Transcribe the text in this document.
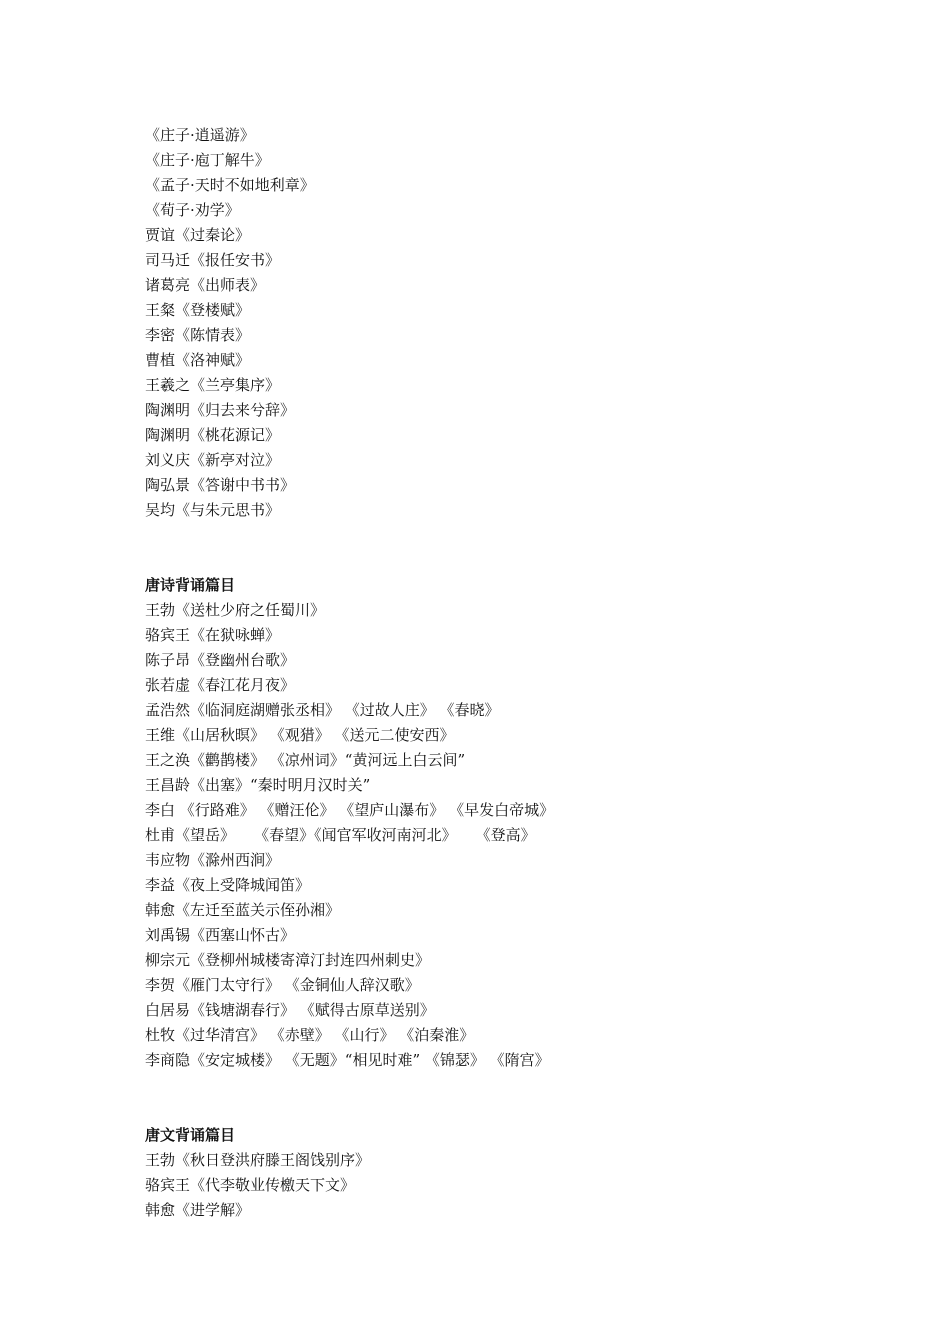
《庄子·逍遥游》
《庄子·庖丁解牛》
《孟子·天时不如地利章》
《荀子·劝学》
贾谊《过秦论》
司马迁《报任安书》
诸葛亮《出师表》
王粲《登楼赋》
李密《陈情表》
曹植《洛神赋》
王羲之《兰亭集序》
陶渊明《归去来兮辞》
陶渊明《桃花源记》
刘义庆《新亭对泣》
陶弘景《答谢中书书》
吴均《与朱元思书》
唐诗背诵篇目
王勃《送杜少府之任蜀川》
骆宾王《在狱咏蝉》
陈子昂《登幽州台歌》
张若虚《春江花月夜》
孟浩然《临洞庭湖赠张丞相》 《过故人庄》 《春晓》
王维《山居秋暝》 《观猎》 《送元二使安西》
王之涣《鹳鹊楼》 《凉州词》“黄河远上白云间”
王昌龄《出塞》“秦时明月汉时关”
李白 《行路难》 《赠汪伦》 《望庐山瀑布》 《早发白帝城》
杜甫《望岳》    《春望》《闻官军收河南河北》    《登高》
韦应物《滁州西涧》
李益《夜上受降城闻笛》
韩愈《左迁至蓝关示侄孙湘》
刘禹锡《西塞山怀古》
柳宗元《登柳州城楼寄漳汀封连四州刺史》
李贺《雁门太守行》 《金铜仙人辞汉歌》
白居易《钱塘湖春行》 《赋得古原草送别》
杜牧《过华清宫》 《赤壁》 《山行》 《泊秦淮》
李商隐《安定城楼》 《无题》“相见时难” 《锦瑟》 《隋宫》
唐文背诵篇目
王勃《秋日登洪府滕王阁饯别序》
骆宾王《代李敬业传檄天下文》
韩愈《进学解》
